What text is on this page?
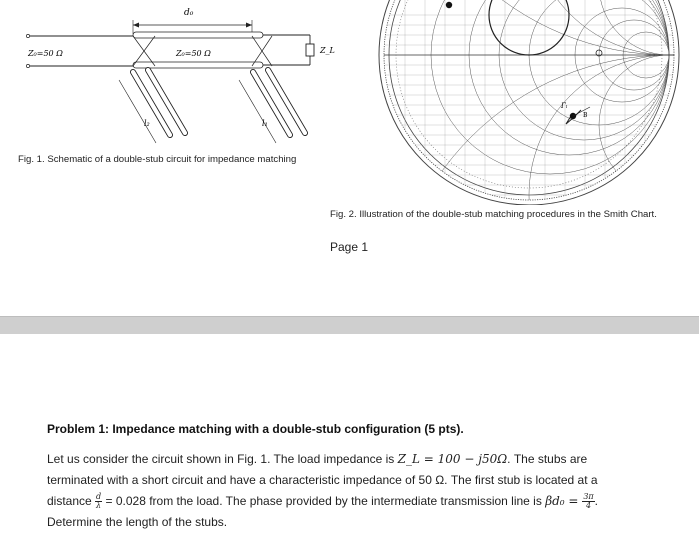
d₀
Z₀=50 Ω	Z₀=50 Ω	Z_L
l₂	l₁
Fig. 1. Schematic of a double-stub circuit for impedance matching
Γₗ
B
Fig. 2. Illustration of the double-stub matching procedures in the Smith Chart.
Page 1
Problem 1: Impedance matching with a double-stub configuration (5 pts).

Let us consider the circuit shown in Fig. 1. The load impedance is Z_L = 100 − j50Ω. The stubs are

terminated with a short circuit and have a characteristic impedance of 50 Ω. The first stub is located at a

distance $\frac{d}{\lambda} = 0.028$ from the load. The phase provided by the intermediate transmission line is $\beta d_0 = \frac{3\pi}{4}$ .

Determine the length of the stubs.
